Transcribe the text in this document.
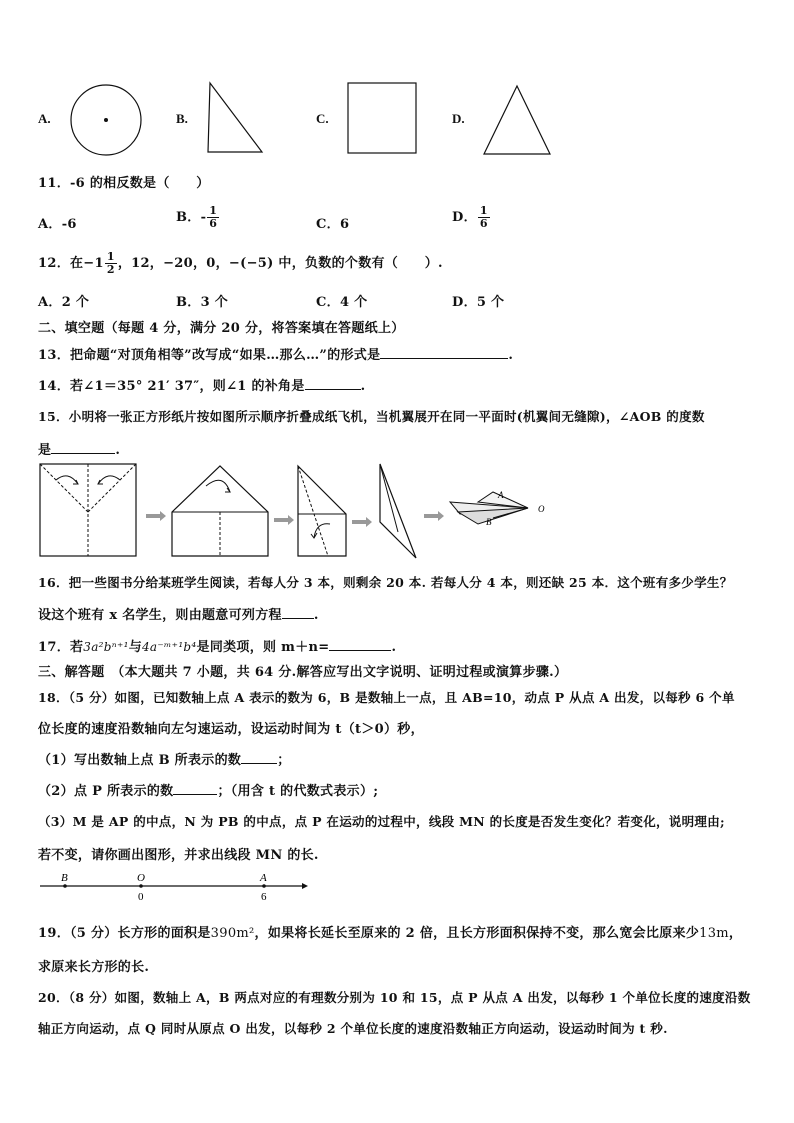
A.	B.	C.	D.
11．-6 的相反数是（　　）
A．-6	B．- $\frac{1}{6}$	C．6	D． $\frac{1}{6}$
12．在$-1 \frac{1}{2}$ ，12，−20，0，−(−5) 中，负数的个数有（　　）.
A．2 个	B．3 个	C．4 个	D．5 个
二、填空题（每题 4 分，满分 20 分，将答案填在答题纸上）
13．把命题“对顶角相等”改写成“如果…那么…”的形式是	.
14．若∠1＝35° 21′ 37″，则∠1 的补角是	.
15．小明将一张正方形纸片按如图所示顺序折叠成纸飞机，当机翼展开在同一平面时(机翼间无缝隙)，∠AOB 的度数
是	.
A
B
O
16．把一些图书分给某班学生阅读，若每人分 3 本，则剩余 20 本. 若每人分 4 本，则还缺 25 本．这个班有多少学生？
设这个班有 x 名学生，则由题意可列方程 .
17．若3a²bⁿ⁺¹与4a⁻ᵐ⁺¹b⁴是同类项，则 m＋n=	.
三、解答题　（本大题共 7 小题，共 64 分.解答应写出文字说明、证明过程或演算步骤.）
18．（5 分）如图，已知数轴上点 A 表示的数为 6，B 是数轴上一点，且 AB=10，动点 P 从点 A 出发，以每秒 6 个单
位长度的速度沿数轴向左匀速运动，设运动时间为 t（t＞0）秒，
（1）写出数轴上点 B 所表示的数	；
（2）点 P 所表示的数	；（用含 t 的代数式表示）;
（3）M 是 AP 的中点，N 为 PB 的中点，点 P 在运动的过程中，线段 MN 的长度是否发生变化？若变化，说明理由;
若不变，请你画出图形，并求出线段 MN 的长.
B	O	A
0	6
19．（5 分）长方形的面积是390m²，如果将长延长至原来的 2 倍，且长方形面积保持不变，那么宽会比原来少13m，
求原来长方形的长.
20．（8 分）如图，数轴上 A，B 两点对应的有理数分别为 10 和 15，点 P 从点 A 出发，以每秒 1 个单位长度的速度沿数
轴正方向运动，点 Q 同时从原点 O 出发，以每秒 2 个单位长度的速度沿数轴正方向运动，设运动时间为 t 秒.
